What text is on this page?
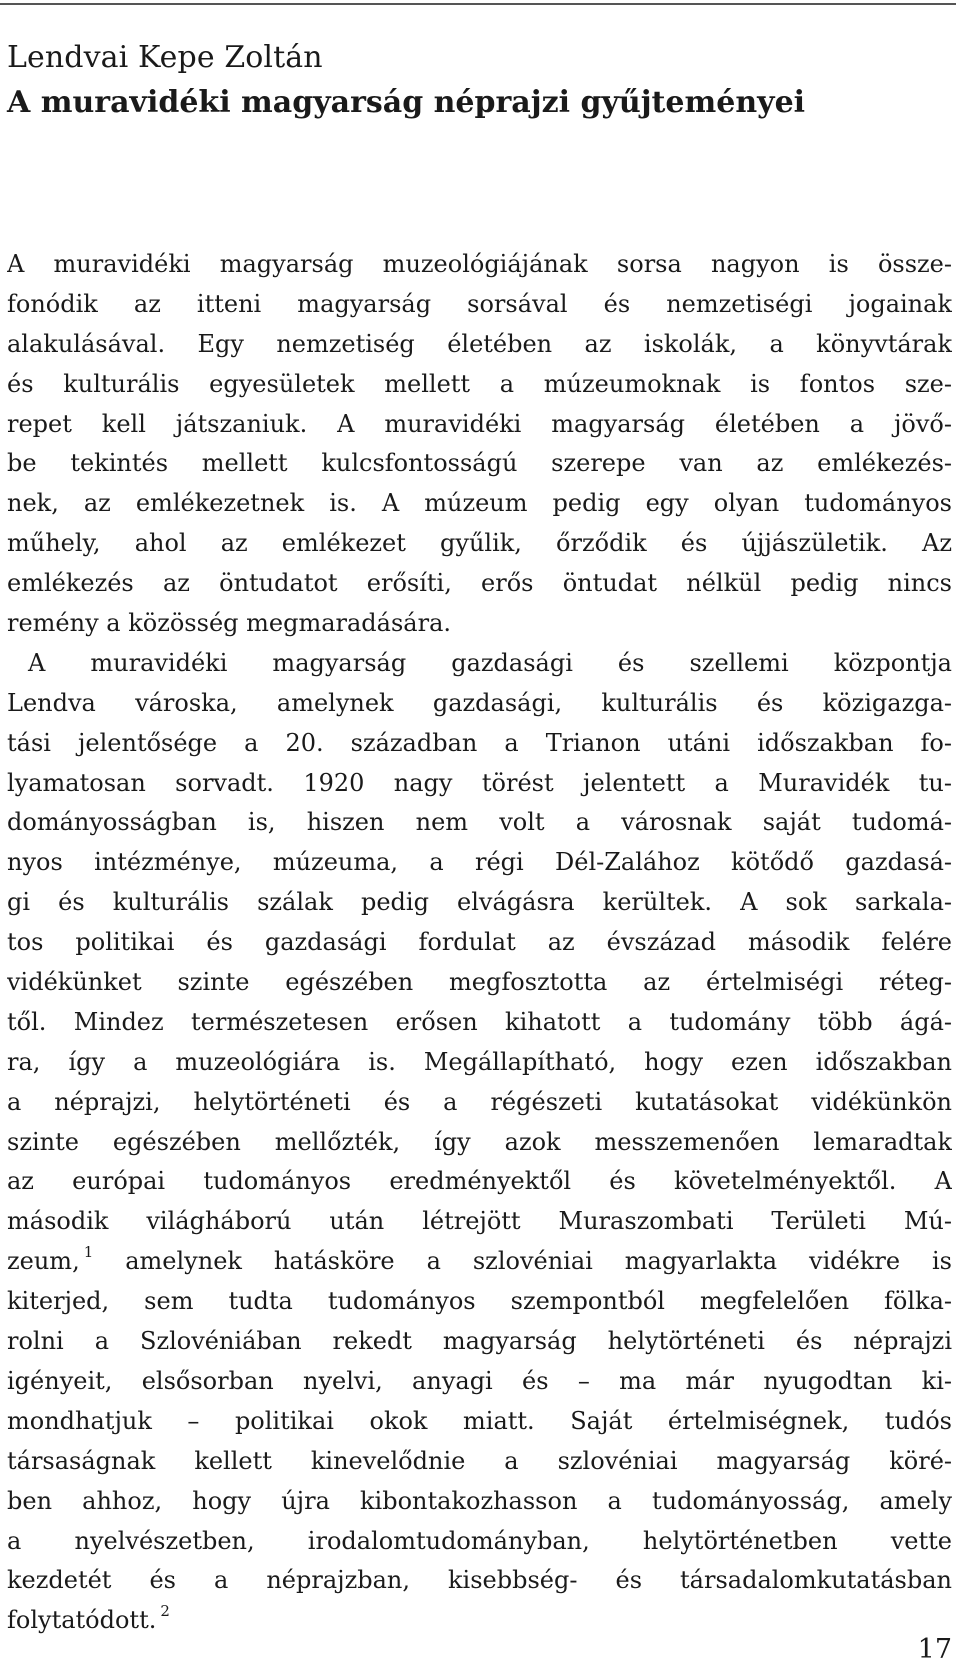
Lendvai Kepe Zoltán
A muravidéki magyarság néprajzi gyűjteményei
A muravidéki magyarság muzeológiájának sorsa nagyon is össze-
fonódik az itteni magyarság sorsával és nemzetiségi jogainak
alakulásával. Egy nemzetiség életében az iskolák, a könyvtárak
és kulturális egyesületek mellett a múzeumoknak is fontos sze-
repet kell játszaniuk. A muravidéki magyarság életében a jövő-
be tekintés mellett kulcsfontosságú szerepe van az emlékezés-
nek, az emlékezetnek is. A múzeum pedig egy olyan tudományos
műhely, ahol az emlékezet gyűlik, őrződik és újjászületik. Az
emlékezés az öntudatot erősíti, erős öntudat nélkül pedig nincs
remény a közösség megmaradására.
A muravidéki magyarság gazdasági és szellemi központja
Lendva városka, amelynek gazdasági, kulturális és közigazga-
tási jelentősége a 20. században a Trianon utáni időszakban fo-
lyamatosan sorvadt. 1920 nagy törést jelentett a Muravidék tu-
dományosságban is, hiszen nem volt a városnak saját tudomá-
nyos intézménye, múzeuma, a régi Dél-Zalához kötődő gazdasá-
gi és kulturális szálak pedig elvágásra kerültek. A sok sarkala-
tos politikai és gazdasági fordulat az évszázad második felére
vidékünket szinte egészében megfosztotta az értelmiségi réteg-
től. Mindez természetesen erősen kihatott a tudomány több ágá-
ra, így a muzeológiára is. Megállapítható, hogy ezen időszakban
a néprajzi, helytörténeti és a régészeti kutatásokat vidékünkön
szinte egészében mellőzték, így azok messzemenően lemaradtak
az európai tudományos eredményektől és követelményektől. A
második világháború után létrejött Muraszombati Területi Mú-
zeum, $^1$ amelynek hatásköre a szlovéniai magyarlakta vidékre is
kiterjed, sem tudta tudományos szempontból megfelelően fölka-
rolni a Szlovéniában rekedt magyarság helytörténeti és néprajzi
igényeit, elsősorban nyelvi, anyagi és – ma már nyugodtan ki-
mondhatjuk – politikai okok miatt. Saját értelmiségnek, tudós
társaságnak kellett kinevelődnie a szlovéniai magyarság köré-
ben ahhoz, hogy újra kibontakozhasson a tudományosság, amely
a nyelvészetben, irodalomtudományban, helytörténetben vette
kezdetét és a néprajzban, kisebbség- és társadalomkutatásban
folytatódott. $^2$
17
